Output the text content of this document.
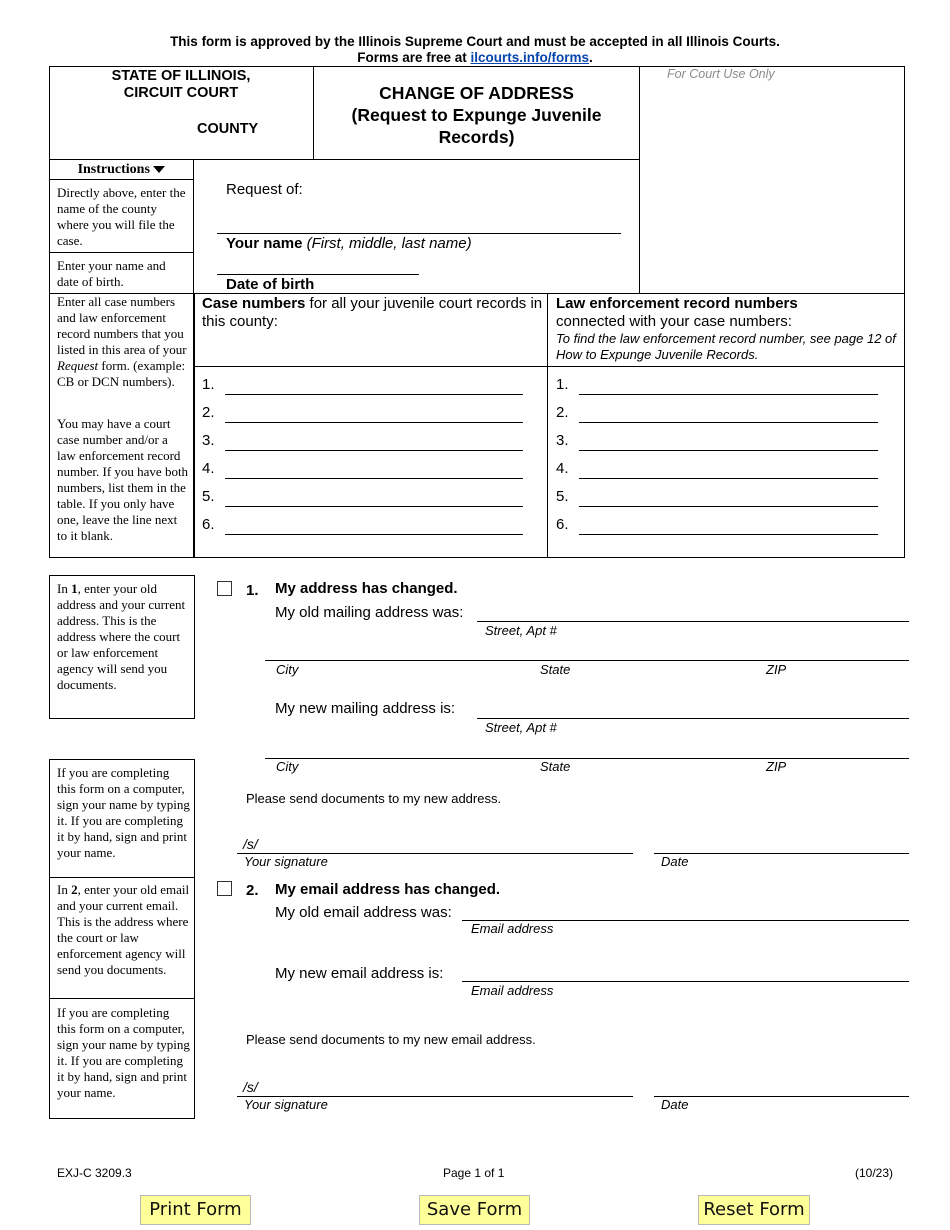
This form is approved by the Illinois Supreme Court and must be accepted in all Illinois Courts.
Forms are free at ilcourts.info/forms.
STATE OF ILLINOIS,
CIRCUIT COURT
COUNTY
CHANGE OF ADDRESS
(Request to Expunge Juvenile
Records)
For Court Use Only
Instructions
Directly above, enter the name of the county where you will file the case.
Enter your name and date of birth.
Enter all case numbers and law enforcement record numbers that you listed in this area of your Request form. (example: CB or DCN numbers).
You may have a court case number and/or a law enforcement record number. If you have both numbers, list them in the table. If you only have one, leave the line next to it blank.
Request of:
Your name (First, middle, last name)
Date of birth
Case numbers for all your juvenile court records in this county:
Law enforcement record numbers
connected with your case numbers:
To find the law enforcement record number, see page 12 of How to Expunge Juvenile Records.
1.	1.
2.	2.
3.	3.
4.	4.
5.	5.
6.	6.
In 1, enter your old address and your current address. This is the address where the court or law enforcement agency will send you documents.
If you are completing this form on a computer, sign your name by typing it. If you are completing it by hand, sign and print your name.
In 2, enter your old email and your current email. This is the address where the court or law enforcement agency will send you documents.
If you are completing this form on a computer, sign your name by typing it. If you are completing it by hand, sign and print your name.
1. My address has changed.
My old mailing address was:
Street, Apt #
City	State	ZIP
My new mailing address is:
Street, Apt #
City	State	ZIP
Please send documents to my new address.
/s/
Your signature	Date
2. My email address has changed.
My old email address was:
Email address
My new email address is:
Email address
Please send documents to my new email address.
/s/
Your signature	Date
EXJ-C 3209.3	Page 1 of 1	(10/23)
Print Form	Save Form	Reset Form
